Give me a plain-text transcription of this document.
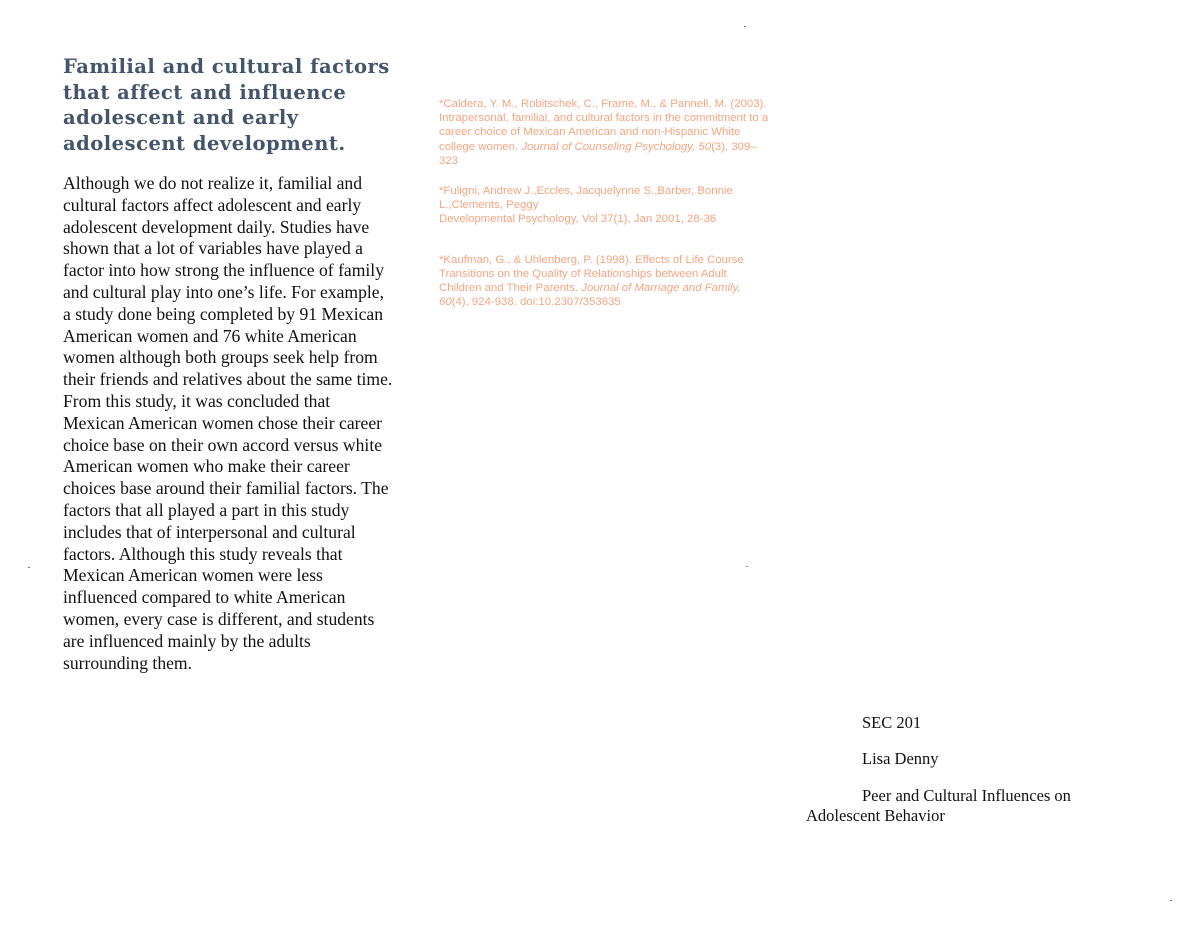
Familial and cultural factors that affect and influence adolescent and early adolescent development.

Although we do not realize it, familial and cultural factors affect adolescent and early adolescent development daily. Studies have shown that a lot of variables have played a factor into how strong the influence of family and cultural play into one’s life. For example, a study done being completed by 91 Mexican American women and 76 white American women although both groups seek help from their friends and relatives about the same time. From this study, it was concluded that Mexican American women chose their career choice base on their own accord versus white American women who make their career choices base around their familial factors. The factors that all played a part in this study includes that of interpersonal and cultural factors. Although this study reveals that Mexican American women were less influenced compared to white American women, every case is different, and students are influenced mainly by the adults surrounding them.

*Caldera, Y. M., Robitschek, C., Frame, M., & Pannell, M. (2003). Intrapersonal, familial, and cultural factors in the commitment to a career choice of Mexican American and non-Hispanic White college women. Journal of Counseling Psychology, 50(3), 309–323

*Fuligni, Andrew J.,Eccles, Jacquelynne S.,Barber, Bonnie L.,Clements, Peggy
Developmental Psychology, Vol 37(1), Jan 2001, 28-36

*Kaufman, G., & Uhlenberg, P. (1998). Effects of Life Course Transitions on the Quality of Relationships between Adult Children and Their Parents. Journal of Marriage and Family, 60(4), 924-938. doi:10.2307/353635

SEC 201

Lisa Denny

Peer and Cultural Influences on Adolescent Behavior
